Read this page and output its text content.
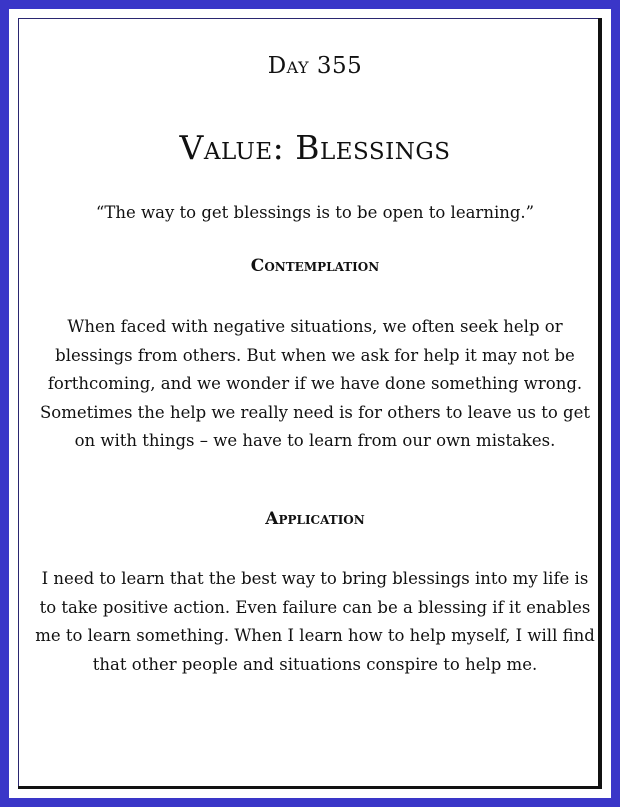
Day 355
Value: Blessings
“The way to get blessings is to be open to learning.”
Contemplation
When faced with negative situations, we often seek help or blessings from others. But when we ask for help it may not be forthcoming, and we wonder if we have done something wrong. Sometimes the help we really need is for others to leave us to get on with things – we have to learn from our own mistakes.
Application
I need to learn that the best way to bring blessings into my life is to take positive action. Even failure can be a blessing if it enables me to learn something. When I learn how to help myself, I will find that other people and situations conspire to help me.
